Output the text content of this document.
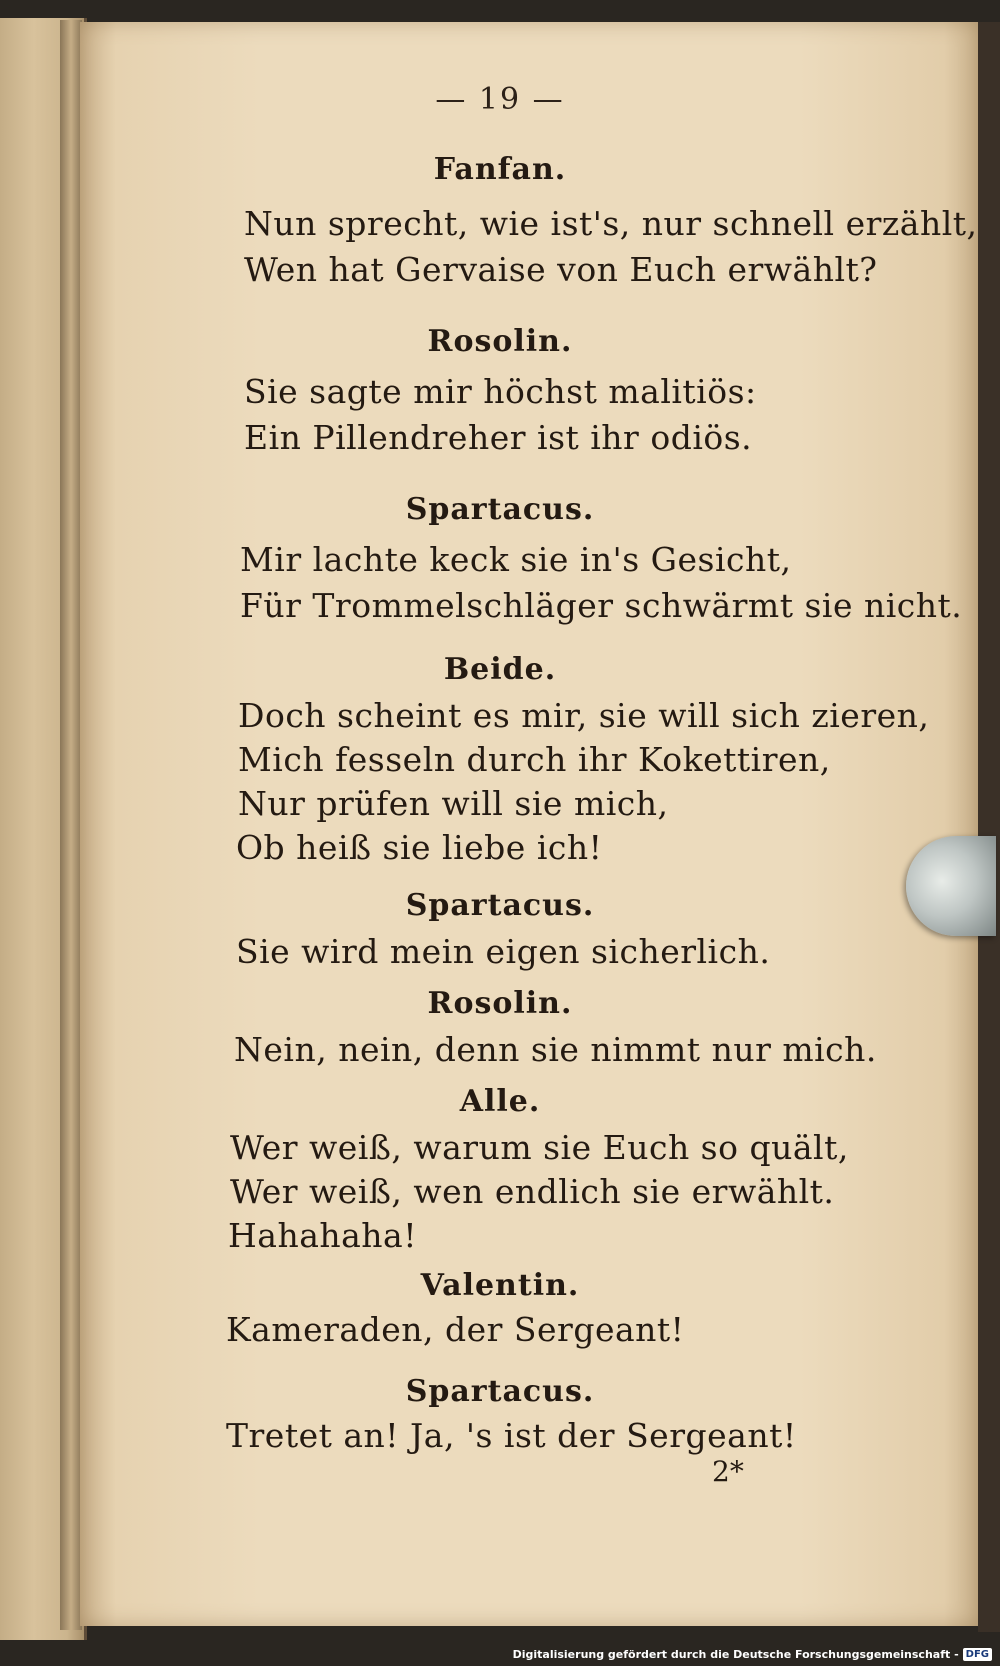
— 19 —
Fanfan.
Nun sprecht, wie ist's, nur schnell erzählt,
Wen hat Gervaise von Euch erwählt?
Rosolin.
Sie sagte mir höchst malitiös:
Ein Pillendreher ist ihr odiös.
Spartacus.
Mir lachte keck sie in's Gesicht,
Für Trommelschläger schwärmt sie nicht.
Beide.
Doch scheint es mir, sie will sich zieren,
Mich fesseln durch ihr Kokettiren,
Nur prüfen will sie mich,
Ob heiß sie liebe ich!
Spartacus.
Sie wird mein eigen sicherlich.
Rosolin.
Nein, nein, denn sie nimmt nur mich.
Alle.
Wer weiß, warum sie Euch so quält,
Wer weiß, wen endlich sie erwählt.
Hahahaha!
Valentin.
Kameraden, der Sergeant!
Spartacus.
Tretet an! Ja, 's ist der Sergeant!
2*
Digitalisierung gefördert durch die Deutsche Forschungsgemeinschaft - DFG
